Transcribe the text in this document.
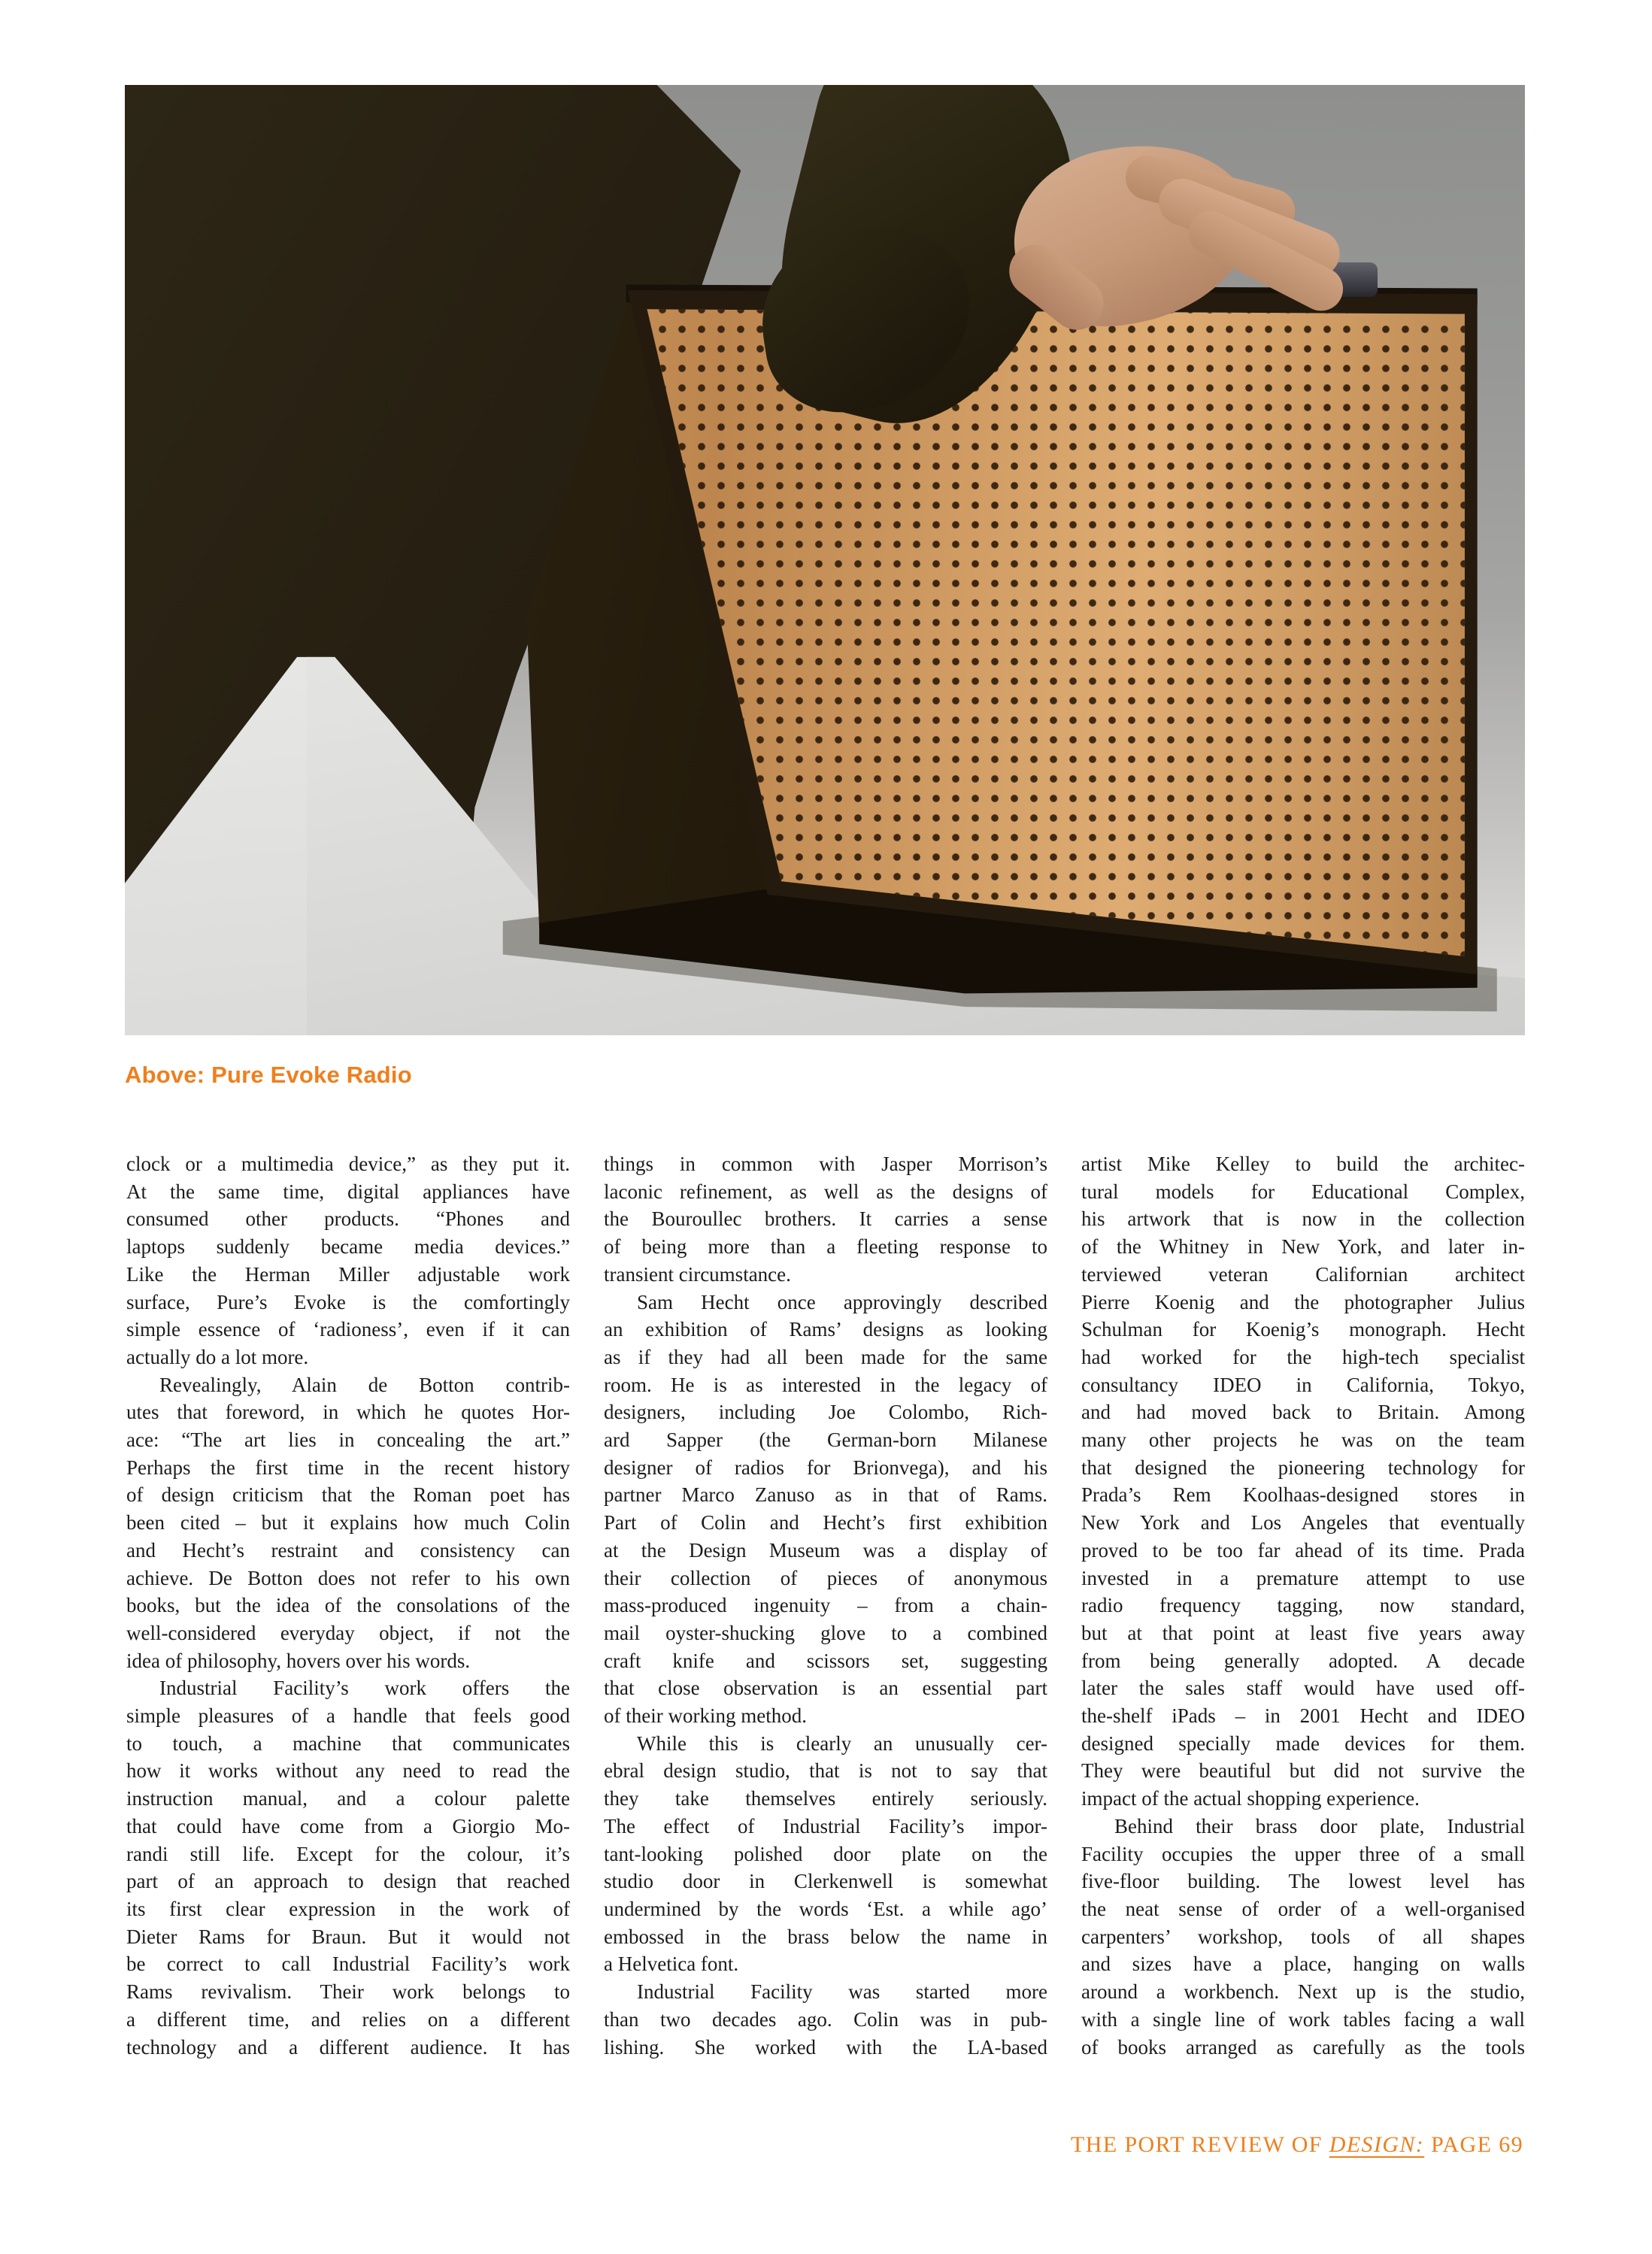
Above: Pure Evoke Radio
clock or a multimedia device,” as they put it.
At the same time, digital appliances have
consumed other products. “Phones and
laptops suddenly became media devices.”
Like the Herman Miller adjustable work
surface, Pure’s Evoke is the comfortingly
simple essence of ‘radioness’, even if it can
actually do a lot more.
Revealingly, Alain de Botton contrib-
utes that foreword, in which he quotes Hor-
ace: “The art lies in concealing the art.”
Perhaps the first time in the recent history
of design criticism that the Roman poet has
been cited – but it explains how much Colin
and Hecht’s restraint and consistency can
achieve. De Botton does not refer to his own
books, but the idea of the consolations of the
well-considered everyday object, if not the
idea of philosophy, hovers over his words.
Industrial Facility’s work offers the
simple pleasures of a handle that feels good
to touch, a machine that communicates
how it works without any need to read the
instruction manual, and a colour palette
that could have come from a Giorgio Mo-
randi still life. Except for the colour, it’s
part of an approach to design that reached
its first clear expression in the work of
Dieter Rams for Braun. But it would not
be correct to call Industrial Facility’s work
Rams revivalism. Their work belongs to
a different time, and relies on a different
technology and a different audience. It has
things in common with Jasper Morrison’s
laconic refinement, as well as the designs of
the Bouroullec brothers. It carries a sense
of being more than a fleeting response to
transient circumstance.
Sam Hecht once approvingly described
an exhibition of Rams’ designs as looking
as if they had all been made for the same
room. He is as interested in the legacy of
designers, including Joe Colombo, Rich-
ard Sapper (the German-born Milanese
designer of radios for Brionvega), and his
partner Marco Zanuso as in that of Rams.
Part of Colin and Hecht’s first exhibition
at the Design Museum was a display of
their collection of pieces of anonymous
mass-produced ingenuity – from a chain-
mail oyster-shucking glove to a combined
craft knife and scissors set, suggesting
that close observation is an essential part
of their working method.
While this is clearly an unusually cer-
ebral design studio, that is not to say that
they take themselves entirely seriously.
The effect of Industrial Facility’s impor-
tant-looking polished door plate on the
studio door in Clerkenwell is somewhat
undermined by the words ‘Est. a while ago’
embossed in the brass below the name in
a Helvetica font.
Industrial Facility was started more
than two decades ago. Colin was in pub-
lishing. She worked with the LA-based
artist Mike Kelley to build the architec-
tural models for Educational Complex,
his artwork that is now in the collection
of the Whitney in New York, and later in-
terviewed veteran Californian architect
Pierre Koenig and the photographer Julius
Schulman for Koenig’s monograph. Hecht
had worked for the high-tech specialist
consultancy IDEO in California, Tokyo,
and had moved back to Britain. Among
many other projects he was on the team
that designed the pioneering technology for
Prada’s Rem Koolhaas-designed stores in
New York and Los Angeles that eventually
proved to be too far ahead of its time. Prada
invested in a premature attempt to use
radio frequency tagging, now standard,
but at that point at least five years away
from being generally adopted. A decade
later the sales staff would have used off-
the-shelf iPads – in 2001 Hecht and IDEO
designed specially made devices for them.
They were beautiful but did not survive the
impact of the actual shopping experience.
Behind their brass door plate, Industrial
Facility occupies the upper three of a small
five-floor building. The lowest level has
the neat sense of order of a well-organised
carpenters’ workshop, tools of all shapes
and sizes have a place, hanging on walls
around a workbench. Next up is the studio,
with a single line of work tables facing a wall
of books arranged as carefully as the tools
THE PORT REVIEW OF DESIGN: PAGE 69
